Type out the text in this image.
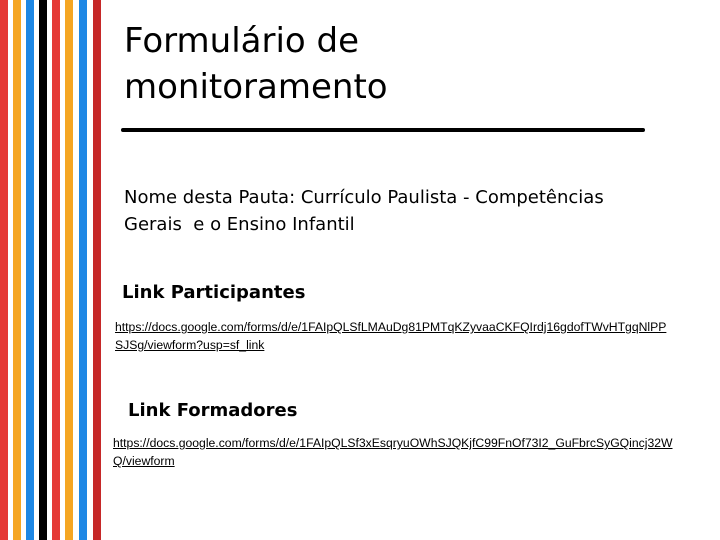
Formulário de
monitoramento
Nome desta Pauta: Currículo Paulista - Competências
Gerais  e o Ensino Infantil
Link Participantes
https://docs.google.com/forms/d/e/1FAIpQLSfLMAuDg81PMTqKZyvaaCKFQIrdj16gdofTWvHTgqNlPPSJSg/viewform?usp=sf_link
Link Formadores
https://docs.google.com/forms/d/e/1FAIpQLSf3xEsqryuOWhSJQKjfC99FnOf73I2_GuFbrcSyGQincj32WQ/viewform
